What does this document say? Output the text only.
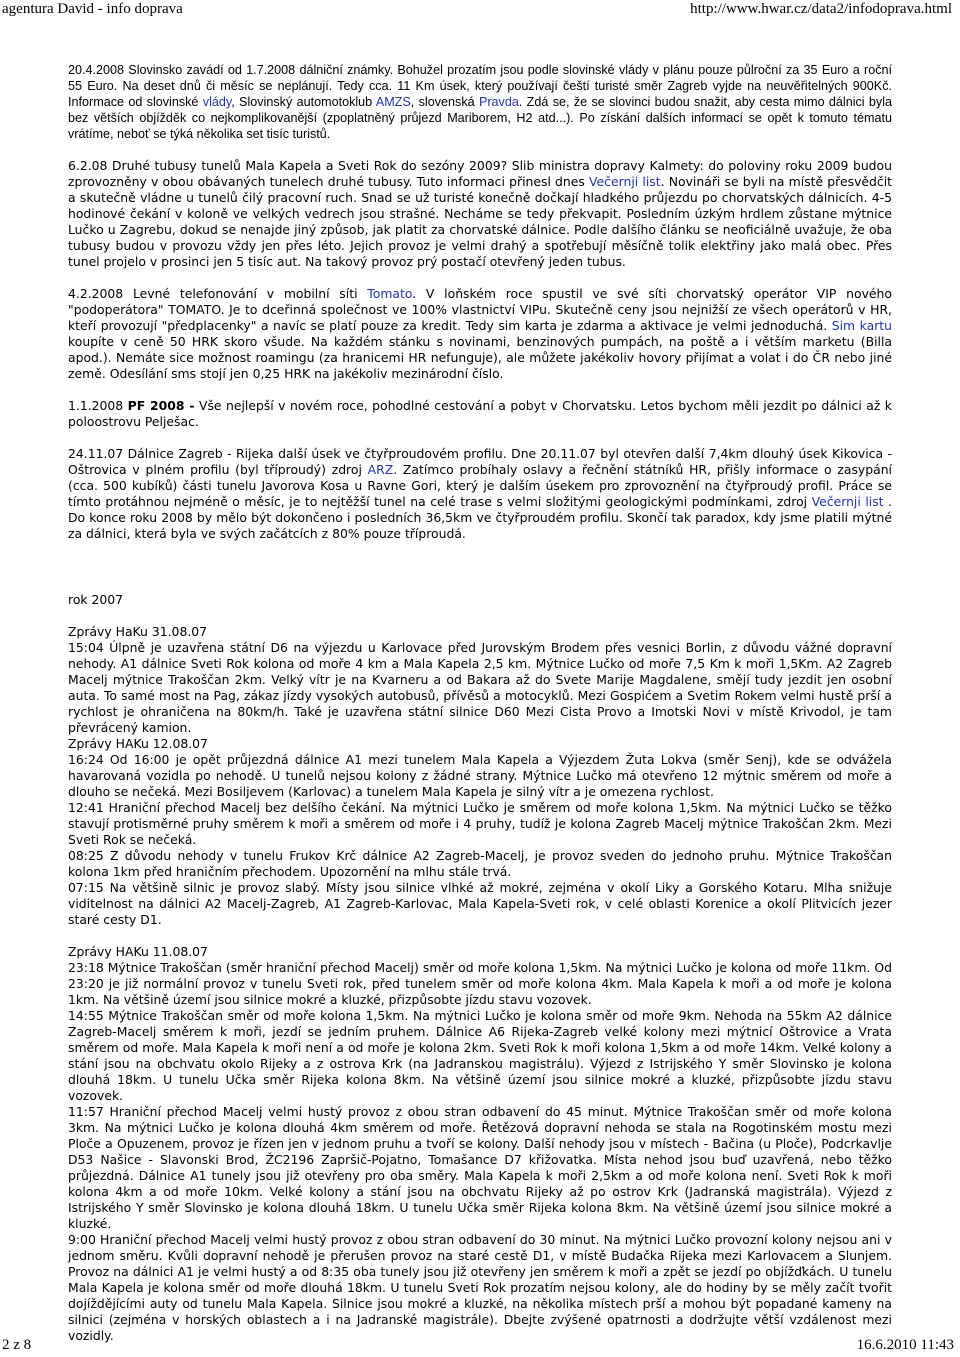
agentura David - info doprava	http://www.hwar.cz/data2/infodoprava.html

20.4.2008 Slovinsko zavádí od 1.7.2008 dálniční známky. Bohužel prozatím jsou podle slovinské vlády v plánu pouze půlroční za 35 Euro a roční 55 Euro. Na deset dnů či měsíc se neplánují. Tedy cca. 11 Km úsek, který používají čeští turisté směr Zagreb vyjde na neuvěřitelných 900Kč. Informace od slovinské vlády, Slovinský automotoklub AMZS, slovenská Pravda. Zdá se, že se slovinci budou snažit, aby cesta mimo dálnici byla bez větších objížděk co nejkomplikovanější (zpoplatněný průjezd Mariborem, H2 atd...). Po získání dalších informací se opět k tomuto tématu vrátíme, neboť se týká několika set tisíc turistů.

6.2.08 Druhé tubusy tunelů Mala Kapela a Sveti Rok do sezóny 2009? Slib ministra dopravy Kalmety: do poloviny roku 2009 budou zprovozněny v obou obávaných tunelech druhé tubusy. Tuto informaci přinesl dnes Večernji list. Novináři se byli na místě přesvědčit a skutečně vládne u tunelů čilý pracovní ruch. Snad se už turisté konečně dočkají hladkého průjezdu po chorvatských dálnicích. 4-5 hodinové čekání v koloně ve velkých vedrech jsou strašné. Necháme se tedy překvapit. Posledním úzkým hrdlem zůstane mýtnice Lučko u Zagrebu, dokud se nenajde jiný způsob, jak platit za chorvatské dálnice. Podle dalšího článku se neoficiálně uvažuje, že oba tubusy budou v provozu vždy jen přes léto. Jejich provoz je velmi drahý a spotřebují měsíčně tolik elektřiny jako malá obec. Přes tunel projelo v prosinci jen 5 tisíc aut. Na takový provoz prý postačí otevřený jeden tubus.

4.2.2008 Levné telefonování v mobilní síti Tomato. V loňském roce spustil ve své síti chorvatský operátor VIP nového "podoperátora" TOMATO. Je to dceřinná společnost ve 100% vlastnictví VIPu. Skutečně ceny jsou nejnižší ze všech operátorů v HR, kteří provozují "předplacenky" a navíc se platí pouze za kredit. Tedy sim karta je zdarma a aktivace je velmi jednoduchá. Sim kartu koupíte v ceně 50 HRK skoro všude. Na každém stánku s novinami, benzinových pumpách, na poště a i větším marketu (Billa apod.). Nemáte sice možnost roamingu (za hranicemi HR nefunguje), ale můžete jakékoliv hovory přijímat a volat i do ČR nebo jiné země. Odesílání sms stojí jen 0,25 HRK na jakékoliv mezinárodní číslo.

1.1.2008 PF 2008 - Vše nejlepší v novém roce, pohodlné cestování a pobyt v Chorvatsku. Letos bychom měli jezdit po dálnici až k poloostrovu Pelješac.

24.11.07 Dálnice Zagreb - Rijeka další úsek ve čtyřproudovém profilu. Dne 20.11.07 byl otevřen další 7,4km dlouhý úsek Kikovica - Oštrovica v plném profilu (byl tříproudý) zdroj ARZ. Zatímco probíhaly oslavy a řečnění státníků HR, přišly informace o zasypání (cca. 500 kubíků) části tunelu Javorova Kosa u Ravne Gori, který je dalším úsekem pro zprovoznění na čtyřproudý profil. Práce se tímto protáhnou nejméně o měsíc, je to nejtěžší tunel na celé trase s velmi složitými geologickými podmínkami, zdroj Večernji list . Do konce roku 2008 by mělo být dokončeno i posledních 36,5km ve čtyřproudém profilu. Skončí tak paradox, kdy jsme platili mýtné za dálnici, která byla ve svých začátcích z 80% pouze tříproudá.

rok 2007

Zprávy HaKu 31.08.07

15:04 Úlpně je uzavřena státní D6 na výjezdu u Karlovace před Jurovským Brodem přes vesnici Borlin, z důvodu vážné dopravní nehody. A1 dálnice Sveti Rok kolona od moře 4 km a Mala Kapela 2,5 km. Mýtnice Lučko od moře 7,5 Km k moři 1,5Km. A2 Zagreb Macelj mýtnice Trakoščan 2km. Velký vítr je na Kvarneru a od Bakara až do Svete Marije Magdalene, smějí tudy jezdit jen osobní auta. To samé most na Pag, zákaz jízdy vysokých autobusů, přívěsů a motocyklů. Mezi Gospićem a Svetim Rokem velmi hustě prší a rychlost je ohraničena na 80km/h. Také je uzavřena státní silnice D60 Mezi Cista Provo a Imotski Novi v místě Krivodol, je tam převrácený kamion.

Zprávy HAKu 12.08.07

16:24 Od 16:00 je opět průjezdná dálnice A1 mezi tunelem Mala Kapela a Výjezdem Žuta Lokva (směr Senj), kde se odváželа havarovaná vozidla po nehodě. U tunelů nejsou kolony z žádné strany. Mýtnice Lučko má otevřeno 12 mýtnic směrem od moře a dlouho se nečeká. Mezi Bosiljevem (Karlovac) a tunelem Mala Kapela je silný vítr a je omezena rychlost.

12:41 Hraniční přechod Macelj bez delšího čekání. Na mýtnici Lučko je směrem od moře kolona 1,5km. Na mýtnici Lučko se těžko stavují protisměrné pruhy směrem k moři a směrem od moře i 4 pruhy, tudíž je kolona Zagreb Macelj mýtnice Trakoščan 2km. Mezi Sveti Rok se nečeká.

08:25 Z důvodu nehody v tunelu Frukov Krč dálnice A2 Zagreb-Macelj, je provoz sveden do jednoho pruhu. Mýtnice Trakoščan kolona 1km před hraničním přechodem. Upozornění na mlhu stále trvá.

07:15 Na většině silnic je provoz slabý. Místy jsou silnice vlhké až mokré, zejména v okolí Liky a Gorského Kotaru. Mlha snižuje viditelnost na dálnici A2 Macelj-Zagreb, A1 Zagreb-Karlovac, Mala Kapela-Sveti rok, v celé oblasti Korenice a okolí Plitvicích jezer staré cesty D1.

Zprávy HAKu 11.08.07

23:18 Mýtnice Trakoščan (směr hraniční přechod Macelj) směr od moře kolona 1,5km. Na mýtnici Lučko je kolona od moře 11km. Od 23:20 je již normální provoz v tunelu Sveti rok, před tunelem směr od moře kolona 4km. Mala Kapela k moři a od moře je kolona 1km. Na většině území jsou silnice mokré a kluzké, přizpůsobte jízdu stavu vozovek.

14:55 Mýtnice Trakoščan směr od moře kolona 1,5km. Na mýtnici Lučko je kolona směr od moře 9km. Nehoda na 55km A2 dálnice Zagreb-Macelj směrem k moři, jezdí se jedním pruhem. Dálnice A6 Rijeka-Zagreb velké kolony mezi mýtnicí Oštrovice a Vrata směrem od moře. Mala Kapela k moři není a od moře je kolona 2km. Sveti Rok k moři kolona 1,5km a od moře 14km. Velké kolony a stání jsou na obchvatu okolo Rijeky a z ostrova Krk (na Jadranskou magistrálu). Výjezd z Istrijského Y směr Slovinsko je kolona dlouhá 18km. U tunelu Učka směr Rijeka kolona 8km. Na většině území jsou silnice mokré a kluzké, přizpůsobte jízdu stavu vozovek.

11:57 Hraniční přechod Macelj velmi hustý provoz z obou stran odbavení do 45 minut. Mýtnice Trakoščan směr od moře kolona 3km. Na mýtnici Lučko je kolona dlouhá 4km směrem od moře. Řetězová dopravní nehoda se stala na Rogotinském mostu mezi Ploče a Opuzenem, provoz je řízen jen v jednom pruhu a tvoří se kolony. Další nehody jsou v místech - Bačina (u Ploče), Podcrkavlje D53 Našice - Slavonski Brod, ŽC2196 Zapršič-Pojatno, Tomašance D7 křižovatka. Místa nehod jsou buď uzavřená, nebo těžko průjezdná. Dálnice A1 tunely jsou již otevřeny pro oba směry. Mala Kapela k moři 2,5km a od moře kolona není. Sveti Rok k moři kolona 4km a od moře 10km. Velké kolony a stání jsou na obchvatu Rijeky až po ostrov Krk (Jadranská magistrála). Výjezd z Istrijského Y směr Slovinsko je kolona dlouhá 18km. U tunelu Učka směr Rijeka kolona 8km. Na většině území jsou silnice mokré a kluzké.

9:00 Hraniční přechod Macelj velmi hustý provoz z obou stran odbavení do 30 minut. Na mýtnici Lučko provozní kolony nejsou ani v jednom směru. Kvůli dopravní nehodě je přerušen provoz na staré cestě D1, v místě Budačka Rijeka mezi Karlovacem a Slunjem. Provoz na dálnici A1 je velmi hustý a od 8:35 oba tunely jsou již otevřeny jen směrem k moři a zpět se jezdí po objížďkách. U tunelu Mala Kapela je kolona směr od moře dlouhá 18km. U tunelu Sveti Rok prozatím nejsou kolony, ale do hodiny by se měly začít tvořit dojíždějícími auty od tunelu Mala Kapela. Silnice jsou mokré a kluzké, na několika místech prší a mohou být popadané kameny na silnici (zejména v horských oblastech a i na Jadranské magistrále). Dbejte zvýšené opatrnosti a dodržujte větší vzdálenost mezi vozidly.

2 z 8	16.6.2010 11:43
